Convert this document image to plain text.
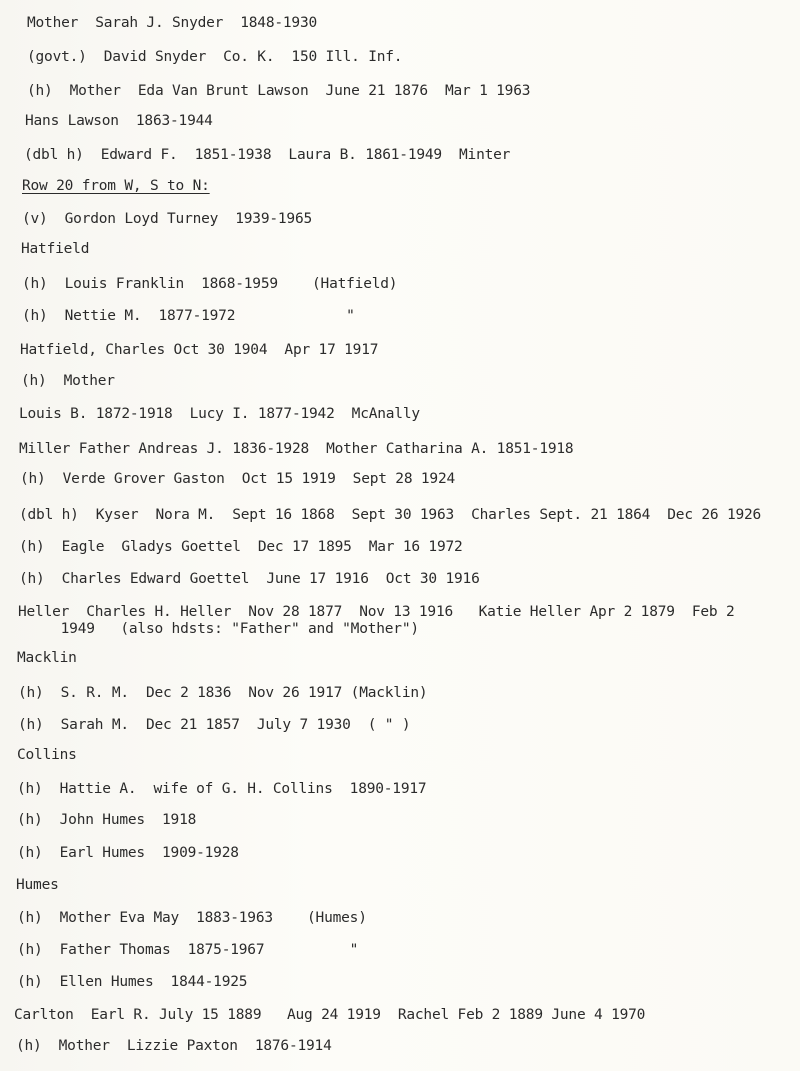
Mother  Sarah J. Snyder  1848-1930
(govt.)  David Snyder  Co. K.  150 Ill. Inf.
(h)  Mother  Eda Van Brunt Lawson  June 21 1876  Mar 1 1963
Hans Lawson  1863-1944
(dbl h)  Edward F.  1851-1938  Laura B. 1861-1949  Minter
Row 20 from W, S to N:
(v)  Gordon Loyd Turney  1939-1965
Hatfield
(h)  Louis Franklin  1868-1959    (Hatfield)
(h)  Nettie M.  1877-1972             "
Hatfield, Charles Oct 30 1904  Apr 17 1917
(h)  Mother
Louis B. 1872-1918  Lucy I. 1877-1942  McAnally
Miller Father Andreas J. 1836-1928  Mother Catharina A. 1851-1918
(h)  Verde Grover Gaston  Oct 15 1919  Sept 28 1924
(dbl h)  Kyser  Nora M.  Sept 16 1868  Sept 30 1963  Charles Sept. 21 1864  Dec 26 1926
(h)  Eagle  Gladys Goettel  Dec 17 1895  Mar 16 1972
(h)  Charles Edward Goettel  June 17 1916  Oct 30 1916
Heller  Charles H. Heller  Nov 28 1877  Nov 13 1916   Katie Heller Apr 2 1879  Feb 2
1949   (also hdsts: "Father" and "Mother")
Macklin
(h)  S. R. M.  Dec 2 1836  Nov 26 1917 (Macklin)
(h)  Sarah M.  Dec 21 1857  July 7 1930  ( " )
Collins
(h)  Hattie A.  wife of G. H. Collins  1890-1917
(h)  John Humes  1918
(h)  Earl Humes  1909-1928
Humes
(h)  Mother Eva May  1883-1963    (Humes)
(h)  Father Thomas  1875-1967          "
(h)  Ellen Humes  1844-1925
Carlton  Earl R. July 15 1889   Aug 24 1919  Rachel Feb 2 1889 June 4 1970
(h)  Mother  Lizzie Paxton  1876-1914
